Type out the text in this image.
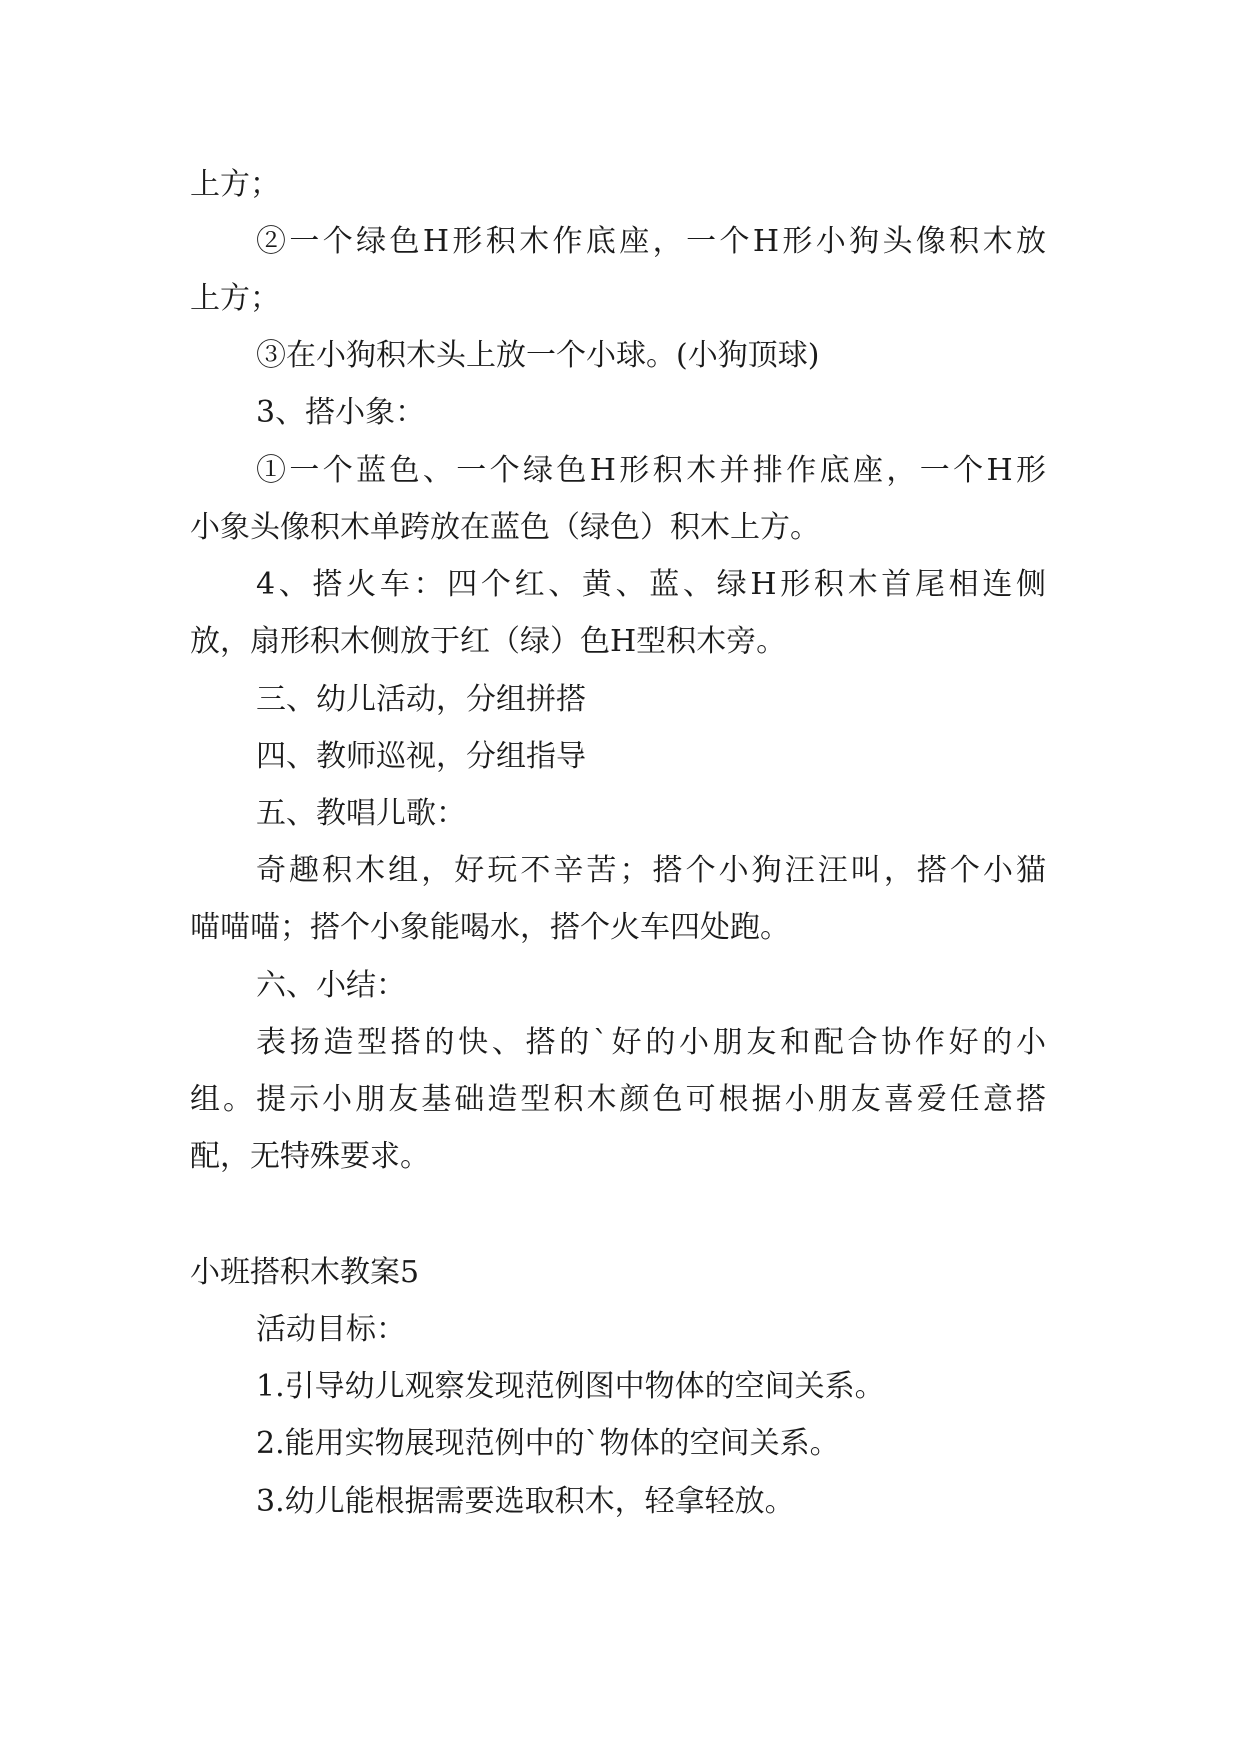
上方；
②一个绿色H形积木作底座，一个H形小狗头像积木放
上方；
③在小狗积木头上放一个小球。(小狗顶球)
3、搭小象：
①一个蓝色、一个绿色H形积木并排作底座，一个H形
小象头像积木单跨放在蓝色（绿色）积木上方。
4、搭火车：四个红、黄、蓝、绿H形积木首尾相连侧
放，扇形积木侧放于红（绿）色H型积木旁。
三、幼儿活动，分组拼搭
四、教师巡视，分组指导
五、教唱儿歌：
奇趣积木组，好玩不辛苦；搭个小狗汪汪叫，搭个小猫
喵喵喵；搭个小象能喝水，搭个火车四处跑。
六、小结：
表扬造型搭的快、搭的`好的小朋友和配合协作好的小
组。提示小朋友基础造型积木颜色可根据小朋友喜爱任意搭
配，无特殊要求。
小班搭积木教案5
活动目标：
1.引导幼儿观察发现范例图中物体的空间关系。
2.能用实物展现范例中的`物体的空间关系。
3.幼儿能根据需要选取积木，轻拿轻放。
